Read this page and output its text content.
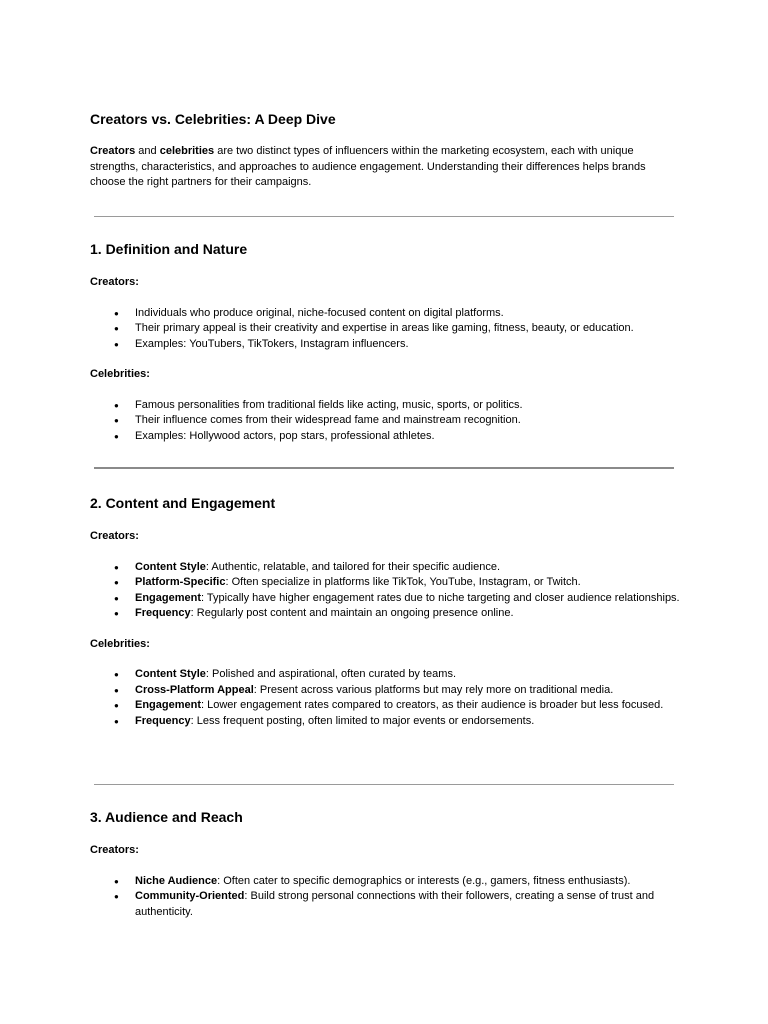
Creators vs. Celebrities: A Deep Dive

Creators and celebrities are two distinct types of influencers within the marketing ecosystem, each with unique strengths, characteristics, and approaches to audience engagement. Understanding their differences helps brands choose the right partners for their campaigns.

1. Definition and Nature

Creators:

● Individuals who produce original, niche-focused content on digital platforms.
● Their primary appeal is their creativity and expertise in areas like gaming, fitness, beauty, or education.
● Examples: YouTubers, TikTokers, Instagram influencers.

Celebrities:

● Famous personalities from traditional fields like acting, music, sports, or politics.
● Their influence comes from their widespread fame and mainstream recognition.
● Examples: Hollywood actors, pop stars, professional athletes.
2. Content and Engagement

Creators:

● Content Style: Authentic, relatable, and tailored for their specific audience.
● Platform-Specific: Often specialize in platforms like TikTok, YouTube, Instagram, or Twitch.
● Engagement: Typically have higher engagement rates due to niche targeting and closer audience relationships.
● Frequency: Regularly post content and maintain an ongoing presence online.

Celebrities:

● Content Style: Polished and aspirational, often curated by teams.
● Cross-Platform Appeal: Present across various platforms but may rely more on traditional media.
● Engagement: Lower engagement rates compared to creators, as their audience is broader but less focused.
● Frequency: Less frequent posting, often limited to major events or endorsements.
3. Audience and Reach

Creators:

● Niche Audience: Often cater to specific demographics or interests (e.g., gamers, fitness enthusiasts).
● Community-Oriented: Build strong personal connections with their followers, creating a sense of trust and authenticity.
